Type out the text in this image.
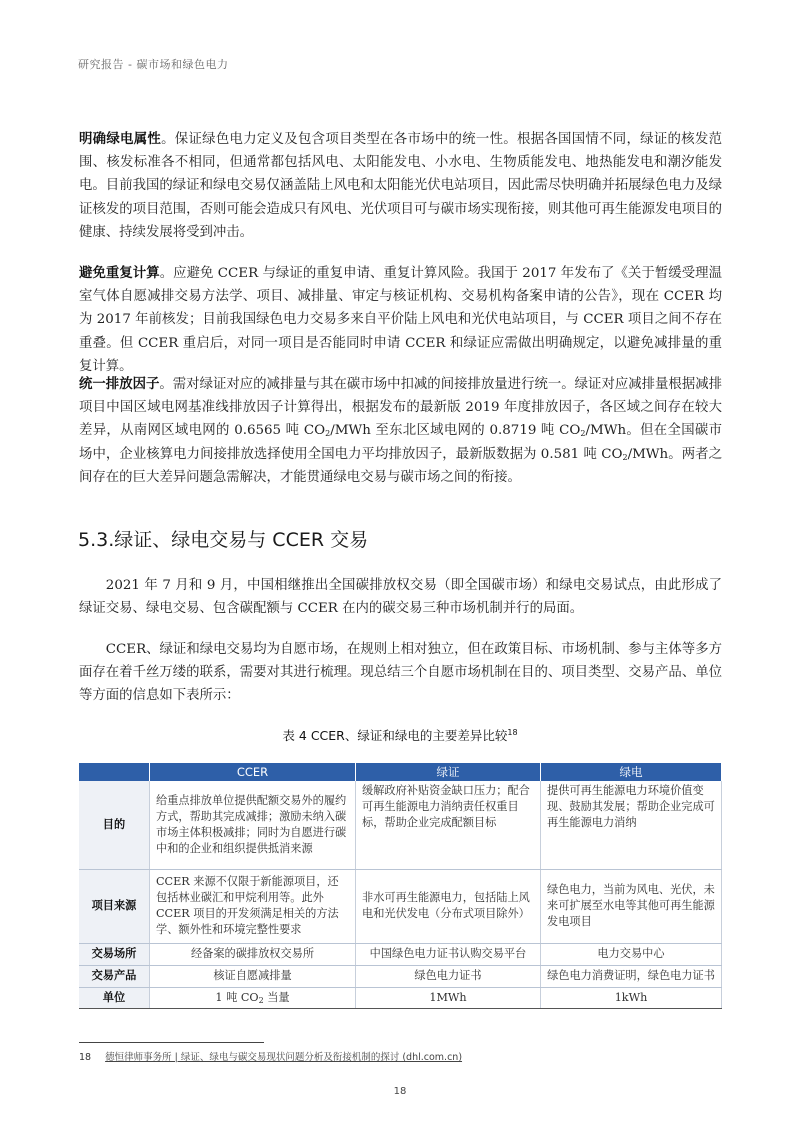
研究报告 - 碳市场和绿色电力

明确绿电属性。保证绿色电力定义及包含项目类型在各市场中的统一性。根据各国国情不同，绿证的核发范围、核发标准各不相同，但通常都包括风电、太阳能发电、小水电、生物质能发电、地热能发电和潮汐能发电。目前我国的绿证和绿电交易仅涵盖陆上风电和太阳能光伏电站项目，因此需尽快明确并拓展绿色电力及绿证核发的项目范围，否则可能会造成只有风电、光伏项目可与碳市场实现衔接，则其他可再生能源发电项目的健康、持续发展将受到冲击。

避免重复计算。应避免 CCER 与绿证的重复申请、重复计算风险。我国于 2017 年发布了《关于暂缓受理温室气体自愿减排交易方法学、项目、减排量、审定与核证机构、交易机构备案申请的公告》，现在 CCER 均为 2017 年前核发；目前我国绿色电力交易多来自平价陆上风电和光伏电站项目，与 CCER 项目之间不存在重叠。但 CCER 重启后，对同一项目是否能同时申请 CCER 和绿证应需做出明确规定，以避免减排量的重复计算。

统一排放因子。需对绿证对应的减排量与其在碳市场中扣减的间接排放量进行统一。绿证对应减排量根据减排项目中国区域电网基准线排放因子计算得出，根据发布的最新版 2019 年度排放因子，各区域之间存在较大差异，从南网区域电网的 0.6565 吨 $CO_2$/MWh 至东北区域电网的 0.8719 吨 $CO_2$/MWh。但在全国碳市场中，企业核算电力间接排放选择使用全国电力平均排放因子，最新版数据为 0.581 吨 $CO_2$/MWh。两者之间存在的巨大差异问题急需解决，才能贯通绿电交易与碳市场之间的衔接。

5.3.绿证、绿电交易与 CCER 交易

2021 年 7 月和 9 月，中国相继推出全国碳排放权交易（即全国碳市场）和绿电交易试点，由此形成了绿证交易、绿电交易、包含碳配额与 CCER 在内的碳交易三种市场机制并行的局面。

CCER、绿证和绿电交易均为自愿市场，在规则上相对独立，但在政策目标、市场机制、参与主体等多方面存在着千丝万缕的联系，需要对其进行梳理。现总结三个自愿市场机制在目的、项目类型、交易产品、单位等方面的信息如下表所示：

表 4 CCER、绿证和绿电的主要差异比较$^{18}$
	CCER	绿证	绿电
目的	给重点排放单位提供配额交易外的履约方式，帮助其完成减排；激励未纳入碳市场主体积极减排；同时为自愿进行碳中和的企业和组织提供抵消来源	缓解政府补贴资金缺口压力；配合可再生能源电力消纳责任权重目标，帮助企业完成配额目标	提供可再生能源电力环境价值变现、鼓励其发展；帮助企业完成可再生能源电力消纳
项目来源	CCER 来源不仅限于新能源项目，还包括林业碳汇和甲烷利用等。此外 CCER 项目的开发须满足相关的方法学、额外性和环境完整性要求	非水可再生能源电力，包括陆上风电和光伏发电（分布式项目除外）	绿色电力，当前为风电、光伏，未来可扩展至水电等其他可再生能源发电项目
交易场所	经备案的碳排放权交易所	中国绿色电力证书认购交易平台	电力交易中心
交易产品	核证自愿减排量	绿色电力证书	绿色电力消费证明，绿色电力证书
单位	1 吨 $CO_2$ 当量	1MWh	1kWh
18 德恒律师事务所 | 绿证、绿电与碳交易现状问题分析及衔接机制的探讨 (dhl.com.cn)
18
